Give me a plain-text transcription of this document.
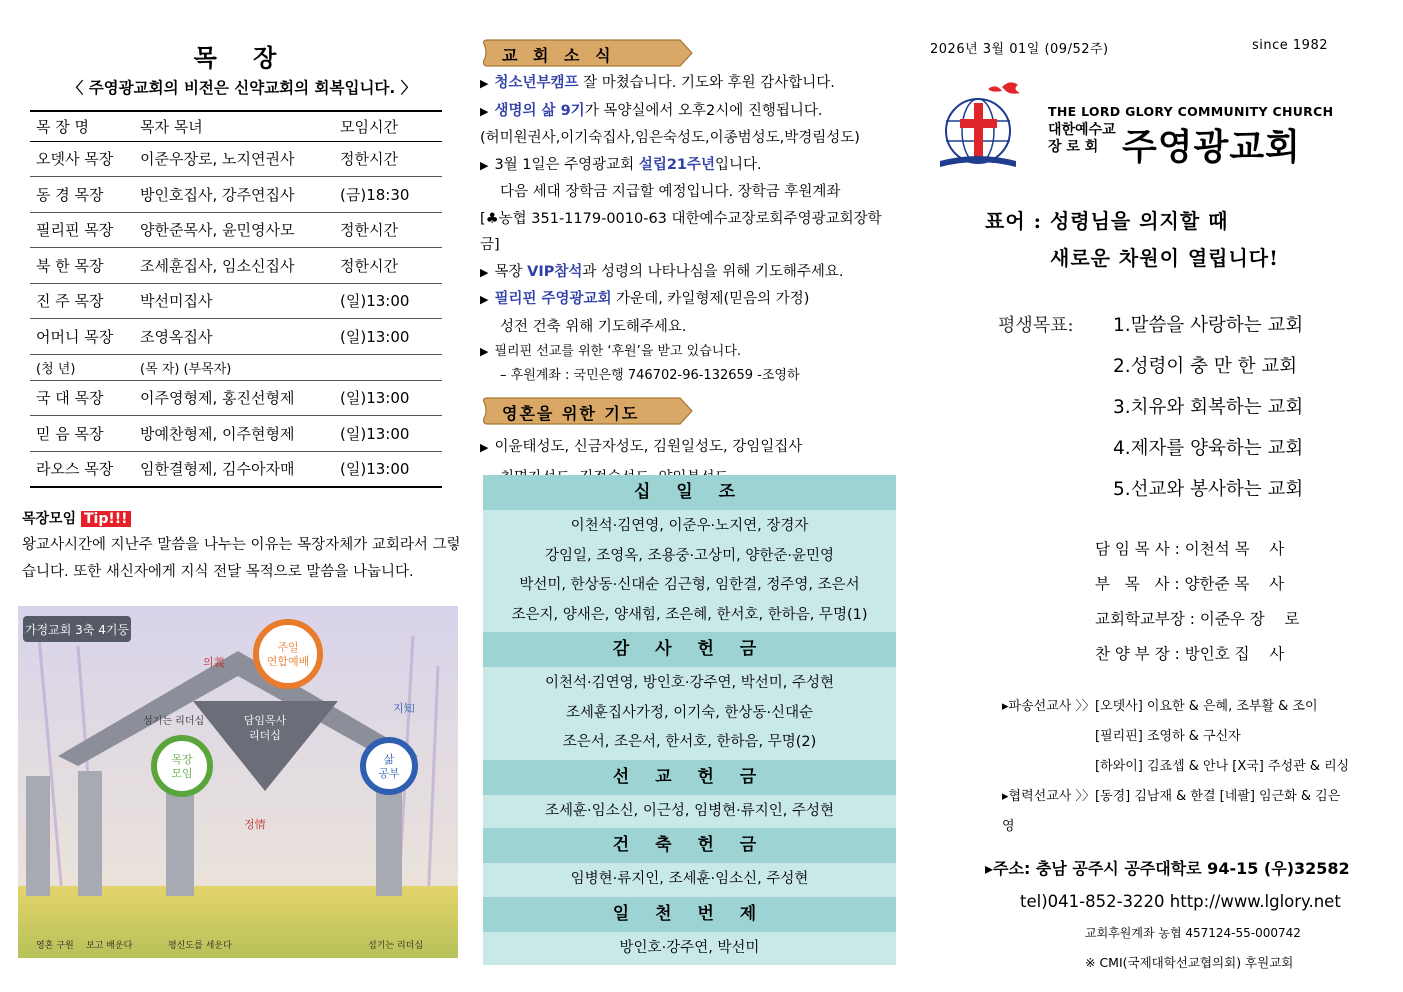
목 장
〈 주영광교회의 비전은 신약교회의 회복입니다. 〉
목 장 명	목자 목녀	모임시간
오뎃사 목장	이준우장로, 노지연권사	정한시간
동 경 목장	방인호집사, 강주연집사	(금)18:30
필리핀 목장	양한준목사, 윤민영사모	정한시간
북 한 목장	조세훈집사, 임소신집사	정한시간
진 주 목장	박선미집사	(일)13:00
어머니 목장	조영옥집사	(일)13:00
(청 년)	(목 자) (부목자)	
국 대 목장	이주영형제, 홍진선형제	(일)13:00
믿 음 목장	방예찬형제, 이주현형제	(일)13:00
라오스 목장	임한결형제, 김수아자매	(일)13:00
목장모임 Tip!!!
왕교사시간에 지난주 말씀을 나누는 이유는 목장자체가 교회라서 그렇습니다. 또한 새신자에게 지식 전달 목적으로 말씀을 나눕니다.
담임목사
리더십
가정교회 3축 4기둥
주일
연합예배
목장
모임
삶
공부
의義
정情
지知
섬기는 리더십
영혼 구원 보고 배운다	평신도를 세운다	섬기는 리더십
교 회 소 식
▶ 청소년부캠프 잘 마쳤습니다. 기도와 후원 감사합니다.
▶ 생명의 삶 9기가 목양실에서 오후2시에 진행됩니다.
(허미원권사,이기숙집사,임은숙성도,이종범성도,박경림성도)
▶ 3월 1일은 주영광교회 설립21주년입니다.
다음 세대 장학금 지급할 예정입니다. 장학금 후원계좌
[♣농협 351-1179-0010-63 대한예수교장로회주영광교회장학금]
▶ 목장 VIP참석과 성령의 나타나심을 위해 기도해주세요.
▶ 필리핀 주영광교회 가운데, 카일형제(믿음의 가정)
성전 건축 위해 기도해주세요.
▶ 필리핀 선교를 위한 ‘후원’을 받고 있습니다.
– 후원계좌 : 국민은행 746702-96-132659 -조영하
영혼을 위한 기도
▶ 이윤태성도, 신금자성도, 김원일성도, 강임일집사
십 일 조
이천석·김연영, 이준우·노지연, 장경자
강임일, 조영옥, 조용중·고상미, 양한준·윤민영
박선미, 한상동·신대순 김근형, 임한결, 정주영, 조은서
조은지, 양새은, 양새힘, 조은혜, 한서호, 한하음, 무명(1)
감 사 헌 금
이천석·김연영, 방인호·강주연, 박선미, 주성현
조세훈집사가정, 이기숙, 한상동·신대순
조은서, 조은서, 한서호, 한하음, 무명(2)
선 교 헌 금
조세훈·임소신, 이근성, 임병현·류지인, 주성현
건 축 헌 금
임병현·류지인, 조세훈·임소신, 주성현
일 천 번 제
방인호·강주연, 박선미
2026년 3월 01일 (09/52주)	since 1982
THE LORD GLORY COMMUNITY CHURCH
대한예수교
장 로 회 주영광교회
표어 : 성령님을 의지할 때
새로운 차원이 열립니다!
평생목표: 1.말씀을 사랑하는 교회
2.성령이 충 만 한 교회
3.치유와 회복하는 교회
4.제자를 양육하는 교회
5.선교와 봉사하는 교회
담 임 목 사 : 이천석 목    사
부   목   사 : 양한준 목    사
교회학교부장 : 이준우 장    로
찬 양 부 장 : 방인호 집    사
▸파송선교사 〉〉[오뎃사] 이요한 & 은혜, 조부활 & 조이
[필리핀] 조영하 & 구신자
[하와이] 김죠셉 & 안나 [X국] 주성관 & 리싱
▸협력선교사 〉〉[동경] 김남재 & 한결 [네팔] 임근화 & 김은영
▸주소: 충남 공주시 공주대학로 94-15 (우)32582
tel)041-852-3220 http://www.lglory.net
교회후원계좌 농협 457124-55-000742
※ CMI(국제대학선교협의회) 후원교회
